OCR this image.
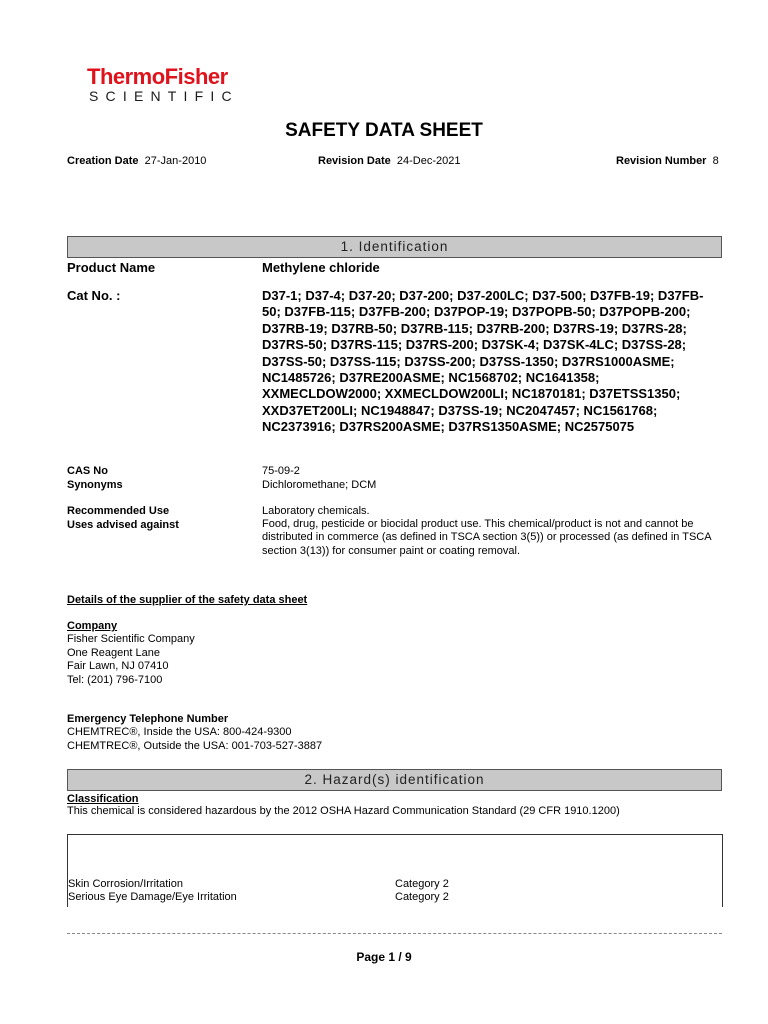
ThermoFisher
SCIENTIFIC
SAFETY DATA SHEET
Creation Date 27-Jan-2010	Revision Date 24-Dec-2021	Revision Number 8
1. Identification
Product Name	Methylene chloride
Cat No. :	D37-1; D37-4; D37-20; D37-200; D37-200LC; D37-500; D37FB-19; D37FB-50; D37FB-115; D37FB-200; D37POP-19; D37POPB-50; D37POPB-200; D37RB-19; D37RB-50; D37RB-115; D37RB-200; D37RS-19; D37RS-28; D37RS-50; D37RS-115; D37RS-200; D37SK-4; D37SK-4LC; D37SS-28; D37SS-50; D37SS-115; D37SS-200; D37SS-1350; D37RS1000ASME; NC1485726; D37RE200ASME; NC1568702; NC1641358; XXMECLDOW2000; XXMECLDOW200LI; NC1870181; D37ETSS1350; XXD37ET200LI; NC1948847; D37SS-19; NC2047457; NC1561768; NC2373916; D37RS200ASME; D37RS1350ASME; NC2575075
CAS No	75-09-2
Synonyms	Dichloromethane; DCM
Recommended Use	Laboratory chemicals.
Uses advised against	Food, drug, pesticide or biocidal product use. This chemical/product is not and cannot be distributed in commerce (as defined in TSCA section 3(5)) or processed (as defined in TSCA section 3(13)) for consumer paint or coating removal.
Details of the supplier of the safety data sheet
Company
Fisher Scientific Company
One Reagent Lane
Fair Lawn, NJ 07410
Tel: (201) 796-7100
Emergency Telephone Number
CHEMTREC®, Inside the USA: 800-424-9300
CHEMTREC®, Outside the USA: 001-703-527-3887
2. Hazard(s) identification
Classification
This chemical is considered hazardous by the 2012 OSHA Hazard Communication Standard (29 CFR 1910.1200)
Skin Corrosion/Irritation	Category 2
Serious Eye Damage/Eye Irritation	Category 2
Page 1 / 9
